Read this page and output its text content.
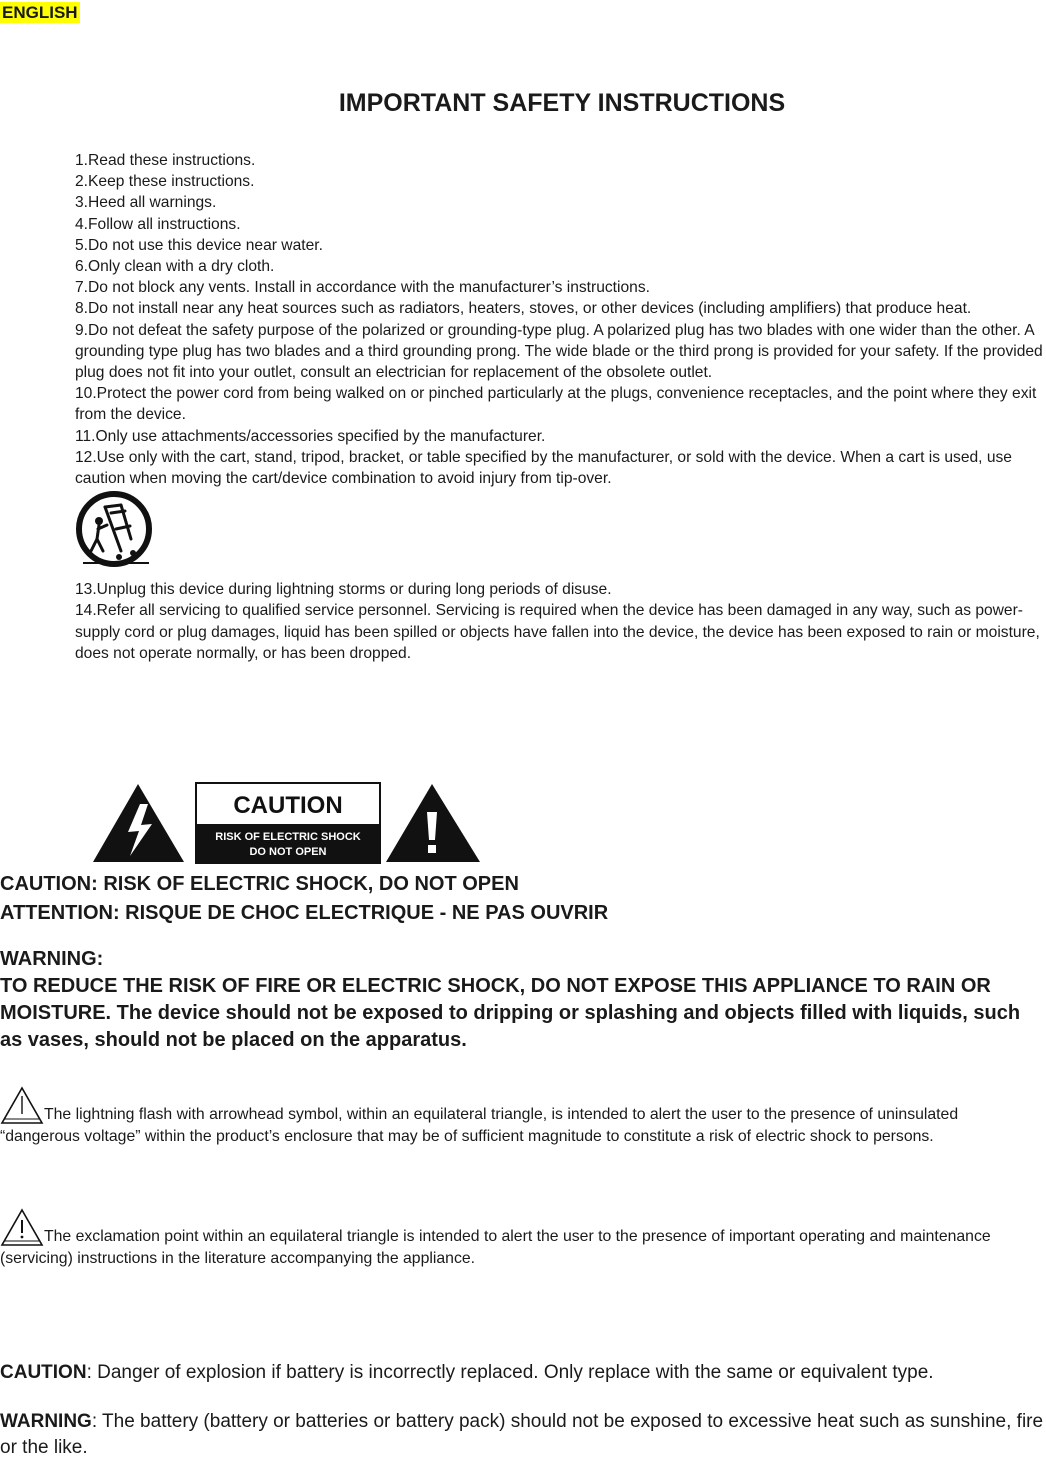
ENGLISH
IMPORTANT SAFETY INSTRUCTIONS

1.Read these instructions.

2.Keep these instructions.

3.Heed all warnings.

4.Follow all instructions.

5.Do not use this device near water.

6.Only clean with a dry cloth.

7.Do not block any vents. Install in accordance with the manufacturer’s instructions.

8.Do not install near any heat sources such as radiators, heaters, stoves, or other devices (including amplifiers) that produce heat.

9.Do not defeat the safety purpose of the polarized or grounding-type plug. A polarized plug has two blades with one wider than the other. A grounding type plug has two blades and a third grounding prong. The wide blade or the third prong is provided for your safety. If the provided plug does not fit into your outlet, consult an electrician for replacement of the obsolete outlet.

10.Protect the power cord from being walked on or pinched particularly at the plugs, convenience receptacles, and the point where they exit from the device.

11.Only use attachments/accessories specified by the manufacturer.

12.Use only with the cart, stand, tripod, bracket, or table specified by the manufacturer, or sold with the device. When a cart is used, use caution when moving the cart/device combination to avoid injury from tip-over.

13.Unplug this device during lightning storms or during long periods of disuse.

14.Refer all servicing to qualified service personnel. Servicing is required when the device has been damaged in any way, such as power-supply cord or plug damages, liquid has been spilled or objects have fallen into the device, the device has been exposed to rain or moisture, does not operate normally, or has been dropped.

CAUTION
RISK OF ELECTRIC SHOCK
DO NOT OPEN

CAUTION: RISK OF ELECTRIC SHOCK, DO NOT OPEN

ATTENTION: RISQUE DE CHOC ELECTRIQUE - NE PAS OUVRIR

WARNING:

TO REDUCE THE RISK OF FIRE OR ELECTRIC SHOCK, DO NOT EXPOSE THIS APPLIANCE TO RAIN OR MOISTURE. The device should not be exposed to dripping or splashing and objects filled with liquids, such as vases, should not be placed on the apparatus.

The lightning flash with arrowhead symbol, within an equilateral triangle, is intended to alert the user to the presence of uninsulated “dangerous voltage” within the product’s enclosure that may be of sufficient magnitude to constitute a risk of electric shock to persons.
The exclamation point within an equilateral triangle is intended to alert the user to the presence of important operating and maintenance (servicing) instructions in the literature accompanying the appliance.
CAUTION: Danger of explosion if battery is incorrectly replaced. Only replace with the same or equivalent type.
WARNING: The battery (battery or batteries or battery pack) should not be exposed to excessive heat such as sunshine, fire or the like.
